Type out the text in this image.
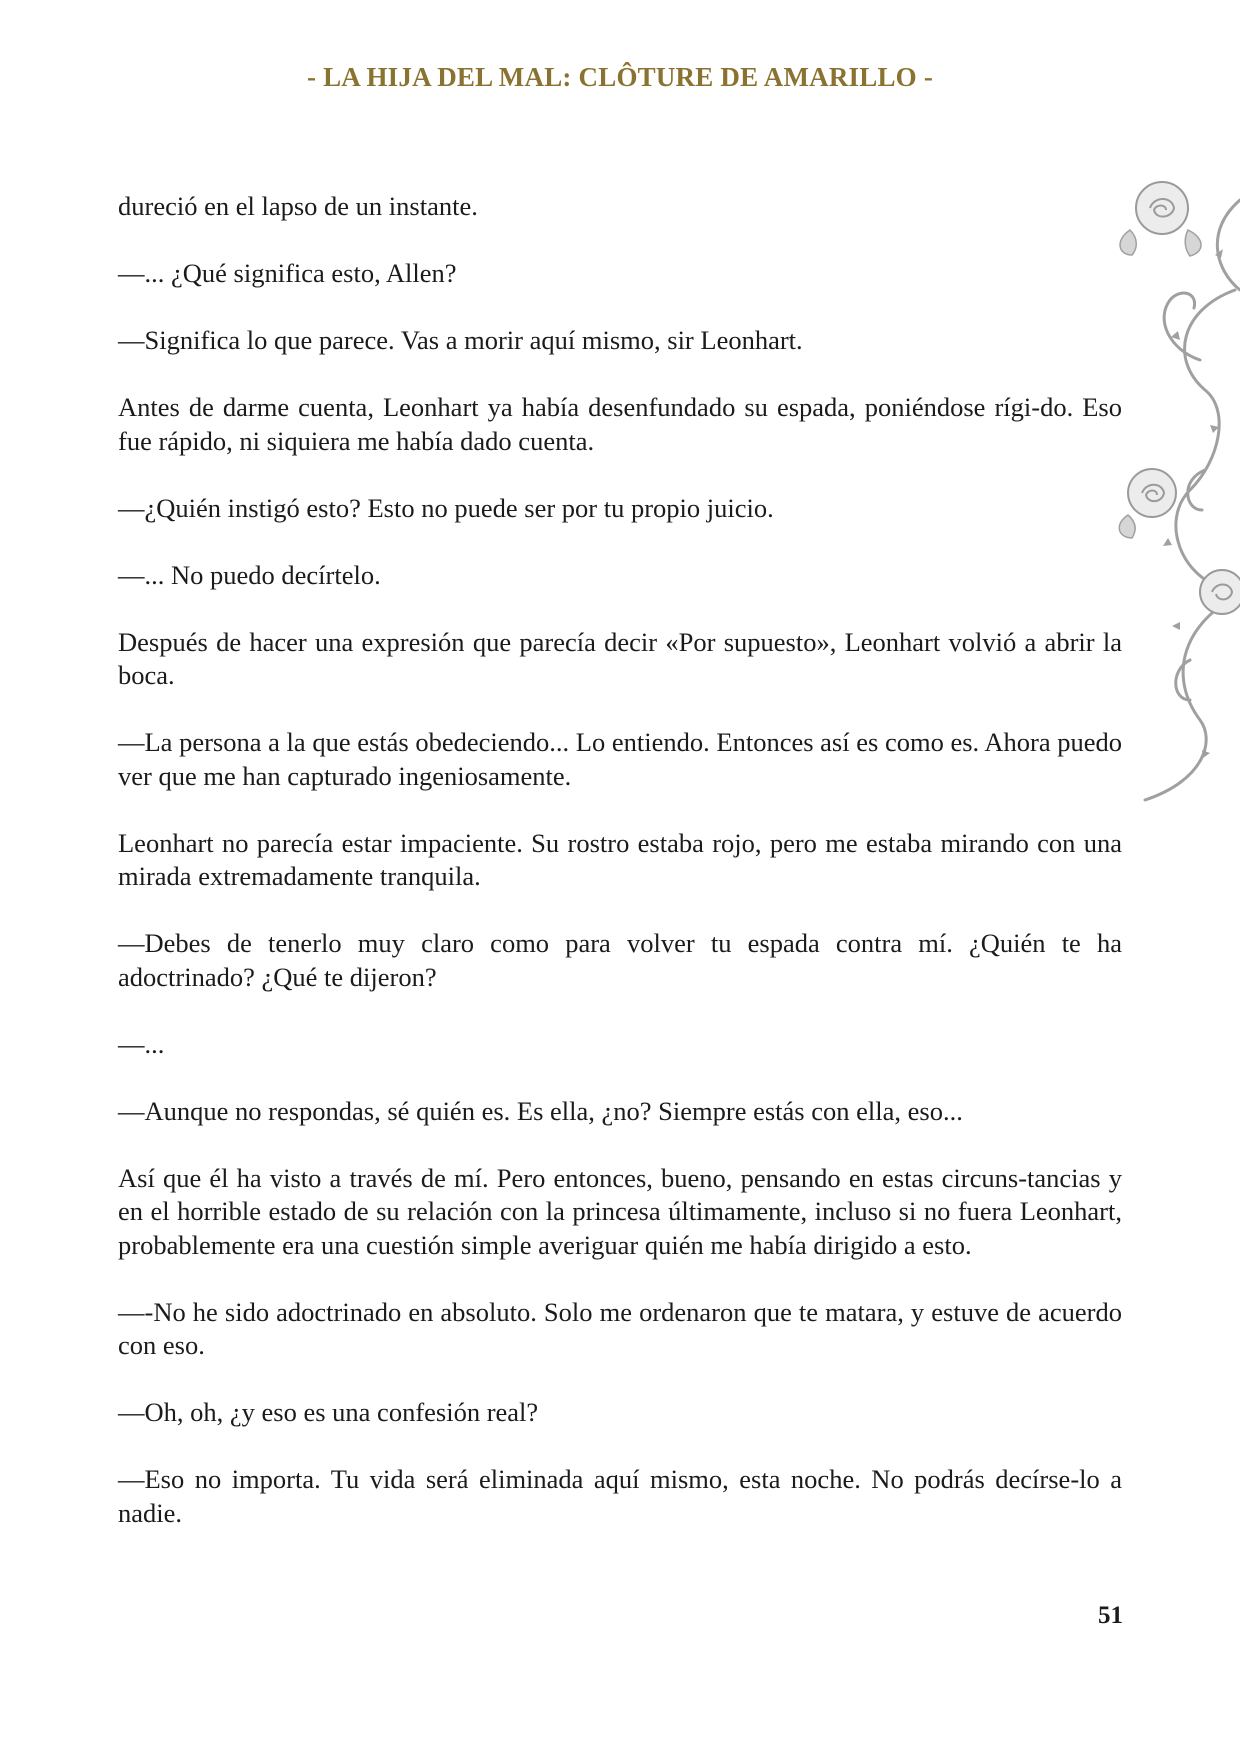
- LA HIJA DEL MAL: CLÔTURE DE AMARILLO -

dureció en el lapso de un instante.

—... ¿Qué significa esto, Allen?

—Significa lo que parece. Vas a morir aquí mismo, sir Leonhart.

Antes de darme cuenta, Leonhart ya había desenfundado su espada, poniéndose rígi-do. Eso fue rápido, ni siquiera me había dado cuenta.

—¿Quién instigó esto? Esto no puede ser por tu propio juicio.

—... No puedo decírtelo.

Después de hacer una expresión que parecía decir «Por supuesto», Leonhart volvió a abrir la boca.

—La persona a la que estás obedeciendo... Lo entiendo. Entonces así es como es. Ahora puedo ver que me han capturado ingeniosamente.

Leonhart no parecía estar impaciente. Su rostro estaba rojo, pero me estaba mirando con una mirada extremadamente tranquila.

—Debes de tenerlo muy claro como para volver tu espada contra mí. ¿Quién te ha adoctrinado? ¿Qué te dijeron?

—...

—Aunque no respondas, sé quién es. Es ella, ¿no? Siempre estás con ella, eso...

Así que él ha visto a través de mí. Pero entonces, bueno, pensando en estas circuns-tancias y en el horrible estado de su relación con la princesa últimamente, incluso si no fuera Leonhart, probablemente era una cuestión simple averiguar quién me había dirigido a esto.

—-No he sido adoctrinado en absoluto. Solo me ordenaron que te matara, y estuve de acuerdo con eso.

—Oh, oh, ¿y eso es una confesión real?

—Eso no importa. Tu vida será eliminada aquí mismo, esta noche. No podrás decírse-lo a nadie.

51
